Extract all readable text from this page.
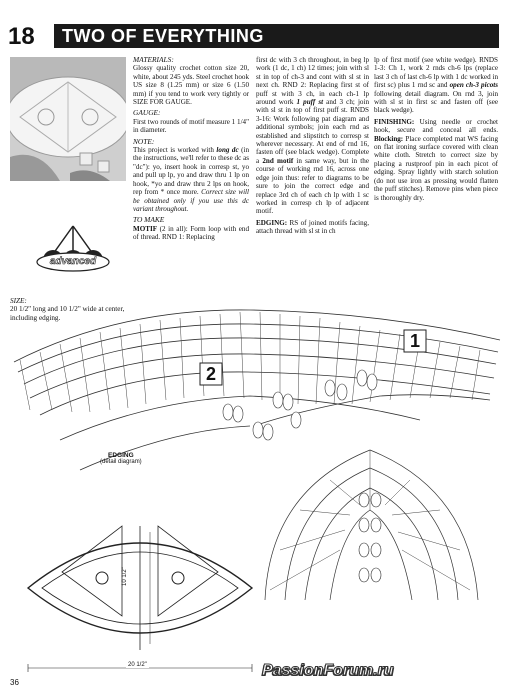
18 TWO OF EVERYTHING
advanced
SIZE:
20 1/2" long and 10 1/2" wide at center, including edging.

MATERIALS:
Glossy quality crochet cotton size 20, white, about 245 yds. Steel crochet hook US size 8 (1.25 mm) or size 6 (1.50 mm) if you tend to work very tightly or SIZE FOR GAUGE.

GAUGE:
First two rounds of motif measure 1 1/4" in diameter.

NOTE:
This project is worked with long dc (in the instructions, we'll refer to these dc as "dc"): yo, insert hook in corresp st, yo and pull up lp, yo and draw thru 1 lp on hook, *yo and draw thru 2 lps on hook, rep from * once more. Correct size will be obtained only if you use this dc variant throughout.

TO MAKE
MOTIF (2 in all): Form loop with end of thread. RND 1: Replacing

first dc with 3 ch throughout, in beg lp work (1 dc, 1 ch) 12 times; join with sl st in top of ch-3 and cont with sl st in next ch. RND 2: Replacing first st of puff st with 3 ch, in each ch-1 lp around work 1 puff st and 3 ch; join with sl st in top of first puff st. RNDS 3-16: Work following pat diagram and additional symbols; join each rnd as established and slipstitch to corresp st wherever necessary. At end of rnd 16, fasten off (see black wedge). Complete a 2nd motif in same way, but in the course of working rnd 16, across one edge join thus: refer to diagrams to be sure to join the correct edge and replace 3rd ch of each ch lp with 1 sc worked in corresp ch lp of adjacent motif.

EDGING: RS of joined motifs facing, attach thread with sl st in ch

lp of first motif (see white wedge). RNDS 1-3: Ch 1, work 2 rnds ch-6 lps (replace last 3 ch of last ch-6 lp with 1 dc worked in first sc) plus 1 rnd sc and open ch-3 picots following detail diagram. On rnd 3, join with sl st in first sc and fasten off (see black wedge).

FINISHING: Using needle or crochet hook, secure and conceal all ends. Blocking: Place completed mat WS facing on flat ironing surface covered with clean white cloth. Stretch to correct size by placing a rustproof pin in each picot of edging. Spray lightly with starch solution (do not use iron as pressing would flatten the puff stitches). Remove pins when piece is thoroughly dry.

1
2
EDGING
(detail diagram)
10 1/2"
20 1/2"
36
PassionForum.ru
